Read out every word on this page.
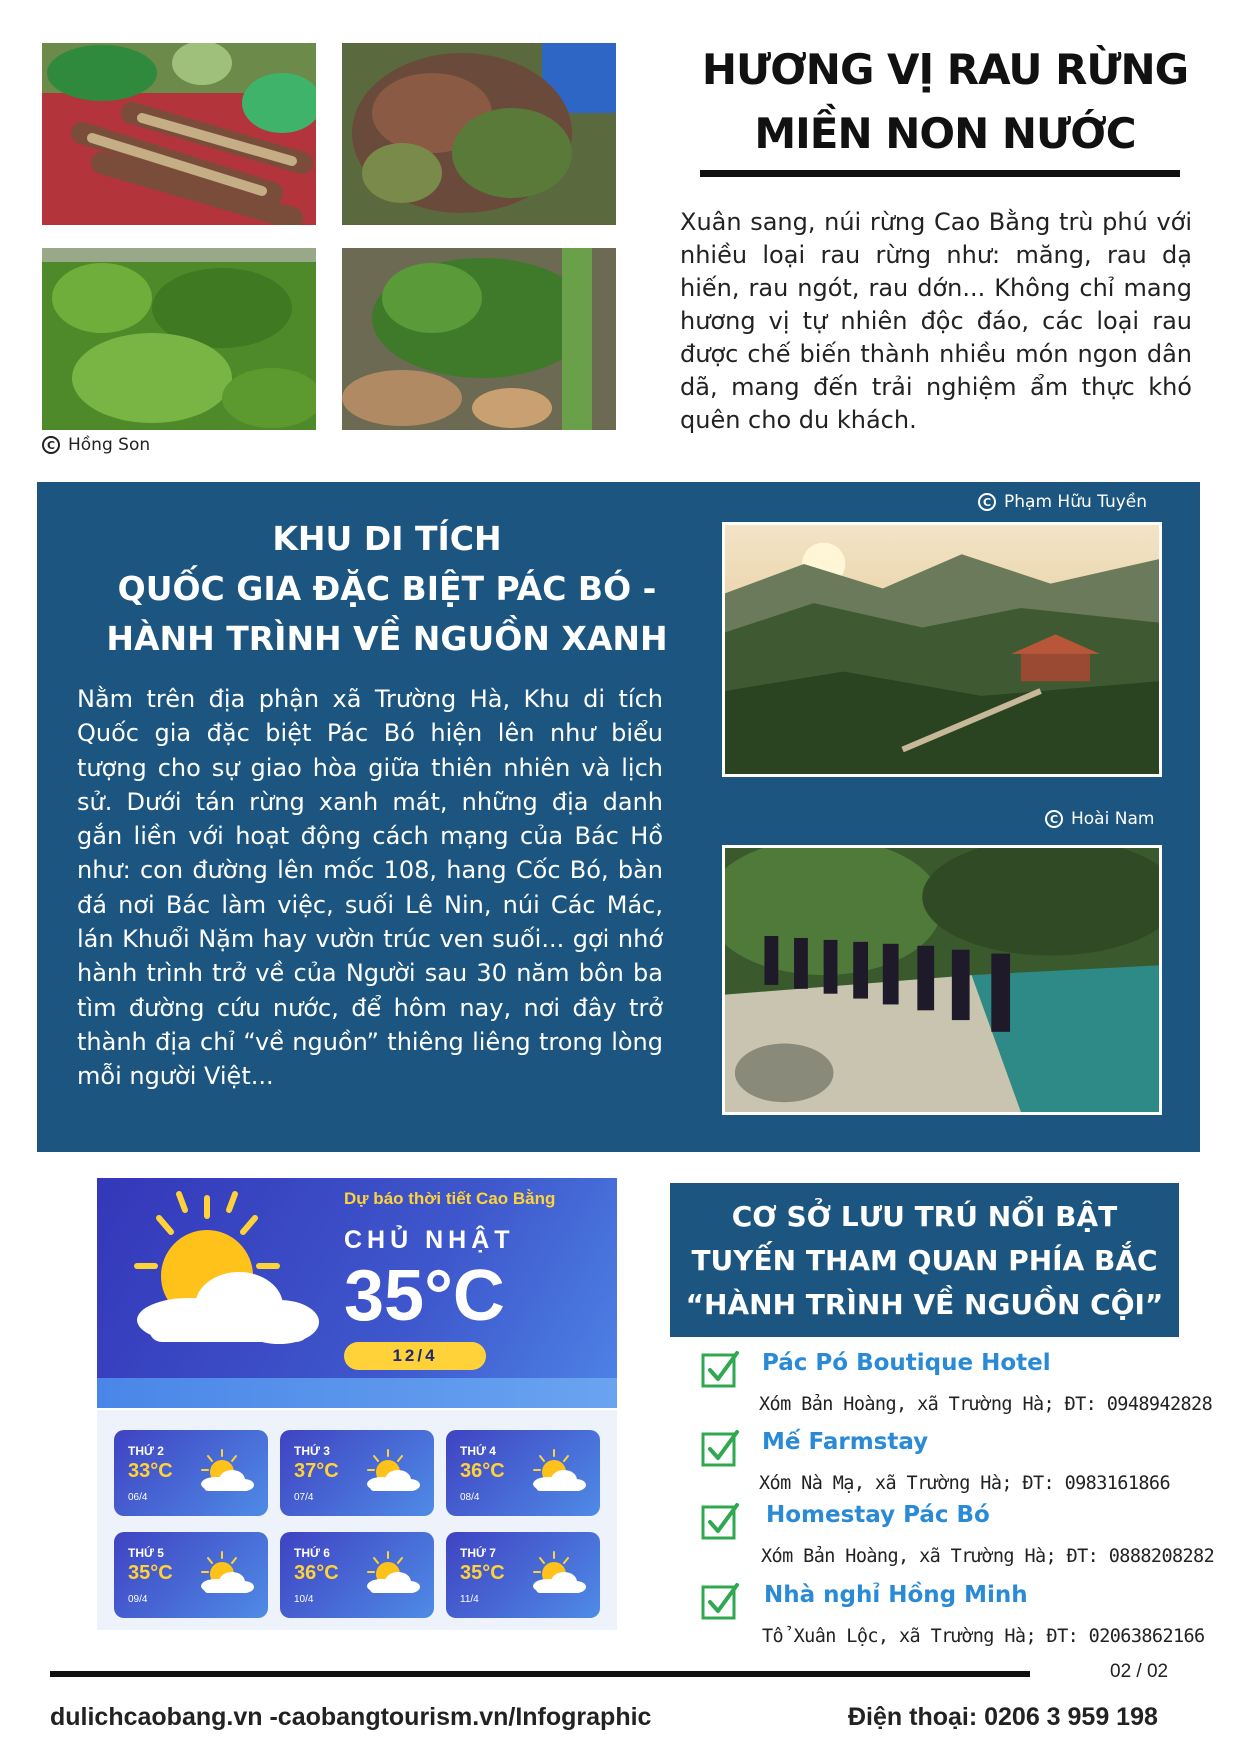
C Hồng Son
HƯƠNG VỊ RAU RỪNG
MIỀN NON NƯỚC
Xuân sang, núi rừng Cao Bằng trù phú với nhiều loại rau rừng như: măng, rau dạ hiến, rau ngót, rau dớn... Không chỉ mang hương vị tự nhiên độc đáo, các loại rau được chế biến thành nhiều món ngon dân dã, mang đến trải nghiệm ẩm thực khó quên cho du khách.
KHU DI TÍCH
QUỐC GIA ĐẶC BIỆT PÁC BÓ -
HÀNH TRÌNH VỀ NGUỒN XANH
Nằm trên địa phận xã Trường Hà, Khu di tích Quốc gia đặc biệt Pác Bó hiện lên như biểu tượng cho sự giao hòa giữa thiên nhiên và lịch sử. Dưới tán rừng xanh mát, những địa danh gắn liền với hoạt động cách mạng của Bác Hồ như: con đường lên mốc 108, hang Cốc Bó, bàn đá nơi Bác làm việc, suối Lê Nin, núi Các Mác, lán Khuổi Nặm hay vườn trúc ven suối... gợi nhớ hành trình trở về của Người sau 30 năm bôn ba tìm đường cứu nước, để hôm nay, nơi đây trở thành địa chỉ “về nguồn” thiêng liêng trong lòng mỗi người Việt...
C Phạm Hữu Tuyền
C Hoài Nam
Dự báo thời tiết Cao Bằng
CHỦ NHẬT
35°C
12/4
THỨ 2
33°C
06/4
THỨ 3
37°C
07/4
THỨ 4
36°C
08/4
THỨ 5
35°C
09/4
THỨ 6
36°C
10/4
THỨ 7
35°C
11/4
CƠ SỞ LƯU TRÚ NỔI BẬT
TUYẾN THAM QUAN PHÍA BẮC
“HÀNH TRÌNH VỀ NGUỒN CỘI”
Pác Pó Boutique Hotel
Xóm Bản Hoàng, xã Trường Hà; ĐT: 0948942828
Mế Farmstay
Xóm Nà Mạ, xã Trường Hà; ĐT: 0983161866
Homestay Pác Bó
Xóm Bản Hoàng, xã Trường Hà; ĐT: 0888208282
Nhà nghỉ Hồng Minh
Tổ Xuân Lộc, xã Trường Hà; ĐT: 02063862166
02 / 02
dulichcaobang.vn -caobangtourism.vn/Infographic	Điện thoại: 0206 3 959 198
